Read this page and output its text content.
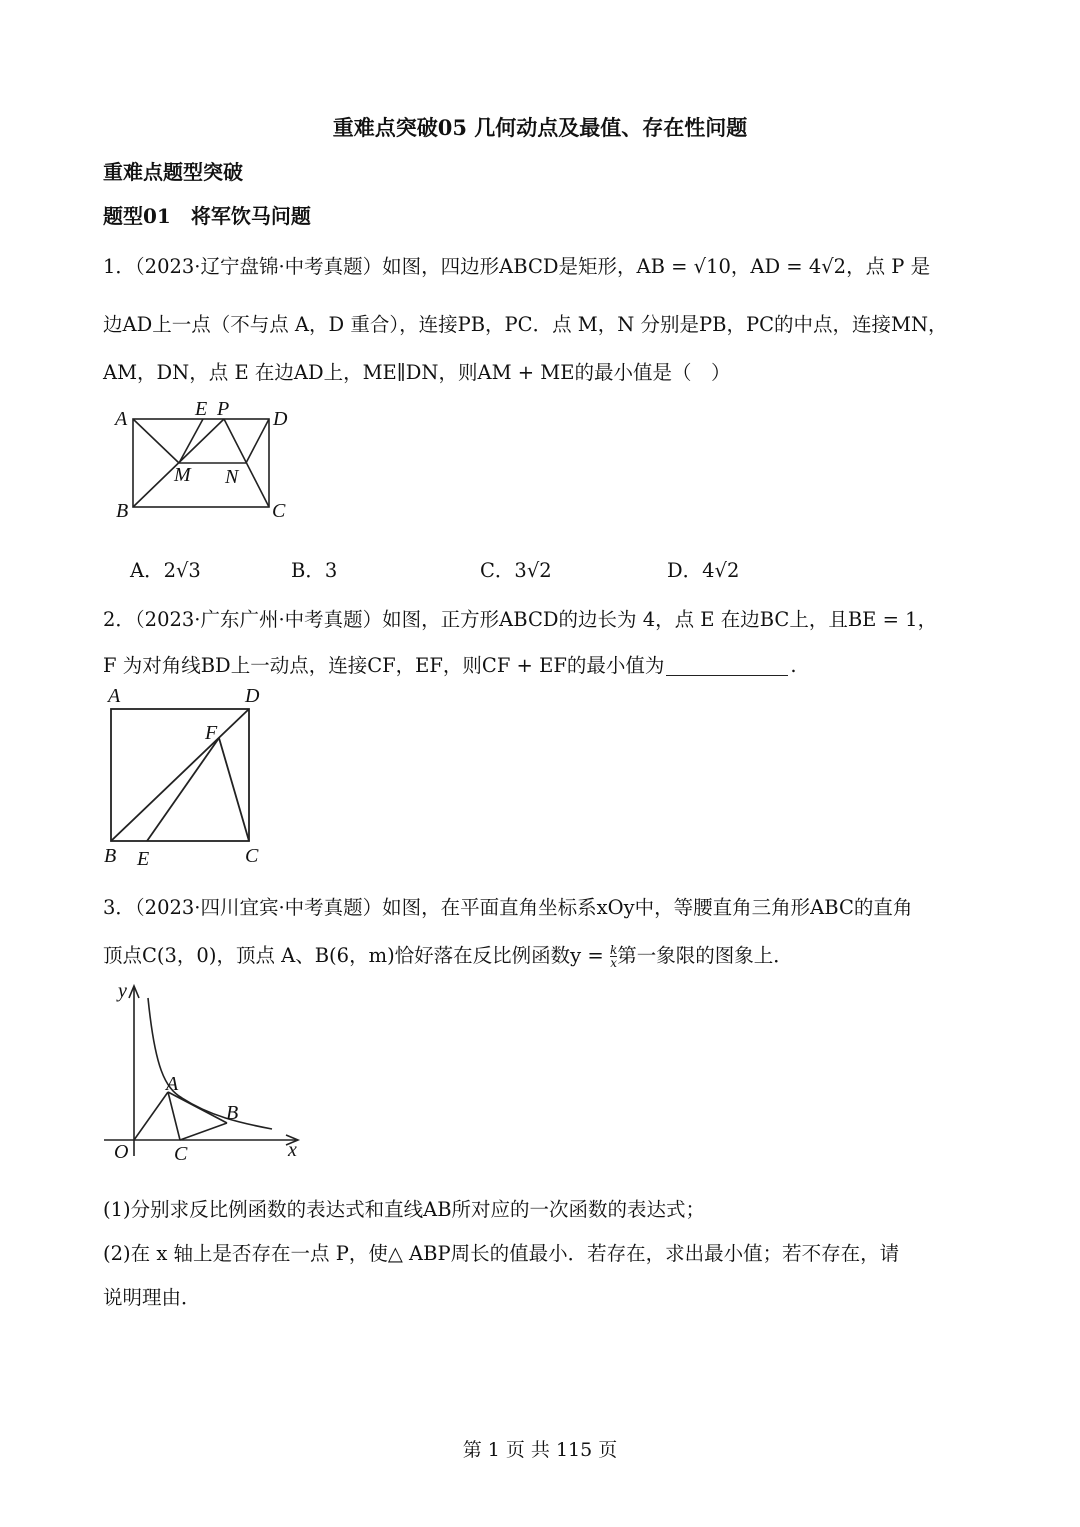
重难点突破05 几何动点及最值、存在性问题
重难点题型突破
题型01　将军饮马问题
1．（2023·辽宁盘锦·中考真题）如图，四边形ABCD是矩形，AB = √10，AD = 4√2，点 P 是
边AD上一点（不与点 A，D 重合），连接PB，PC．点 M，N 分别是PB，PC的中点，连接MN，
AM，DN，点 E 在边AD上，ME∥DN，则AM + ME的最小值是（　）
A
B	C
D
E P
M N
A．2√3	B．3	C．3√2	D．4√2
2．（2023·广东广州·中考真题）如图，正方形ABCD的边长为 4，点 E 在边BC上，且BE = 1，
F 为对角线BD上一动点，连接CF，EF，则CF + EF的最小值为	.
A
B	C
D
E
F
3．（2023·四川宜宾·中考真题）如图，在平面直角坐标系xOy中，等腰直角三角形ABC的直角
顶点C(3，0)，顶点 A、B(6，m)恰好落在反比例函数$y = \frac{k}{x}$ 第一象限的图象上．
y
x
O
A
B
C
(1)分别求反比例函数的表达式和直线AB所对应的一次函数的表达式；
(2)在 x 轴上是否存在一点 P，使△ ABP周长的值最小．若存在，求出最小值；若不存在，请
说明理由．
第 1 页 共 115 页
